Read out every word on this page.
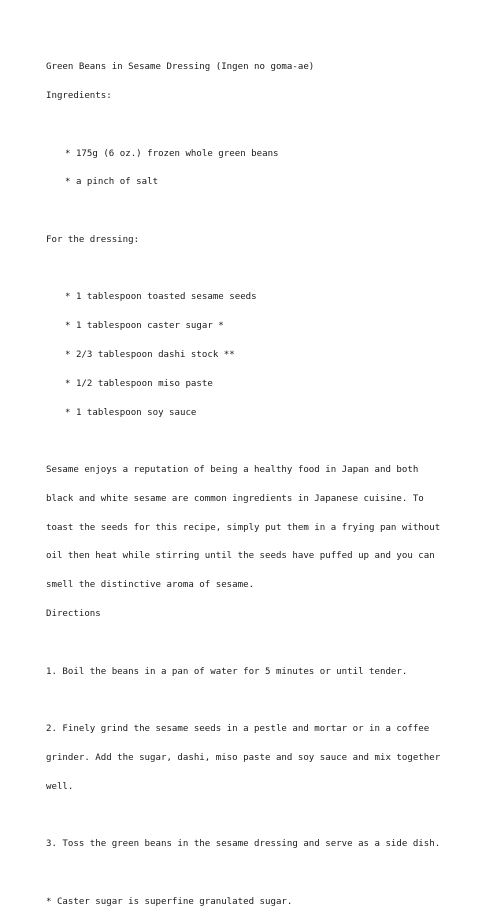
Green Beans in Sesame Dressing (Ingen no goma-ae)

Ingredients:

* 175g (6 oz.) frozen whole green beans

* a pinch of salt

For the dressing:

* 1 tablespoon toasted sesame seeds

* 1 tablespoon caster sugar *

* 2/3 tablespoon dashi stock **

* 1/2 tablespoon miso paste

* 1 tablespoon soy sauce

Sesame enjoys a reputation of being a healthy food in Japan and both

black and white sesame are common ingredients in Japanese cuisine. To

toast the seeds for this recipe, simply put them in a frying pan without

oil then heat while stirring until the seeds have puffed up and you can

smell the distinctive aroma of sesame.

Directions

1. Boil the beans in a pan of water for 5 minutes or until tender.

2. Finely grind the sesame seeds in a pestle and mortar or in a coffee

grinder. Add the sugar, dashi, miso paste and soy sauce and mix together

well.

3. Toss the green beans in the sesame dressing and serve as a side dish.

* Caster sugar is superfine granulated sugar.
